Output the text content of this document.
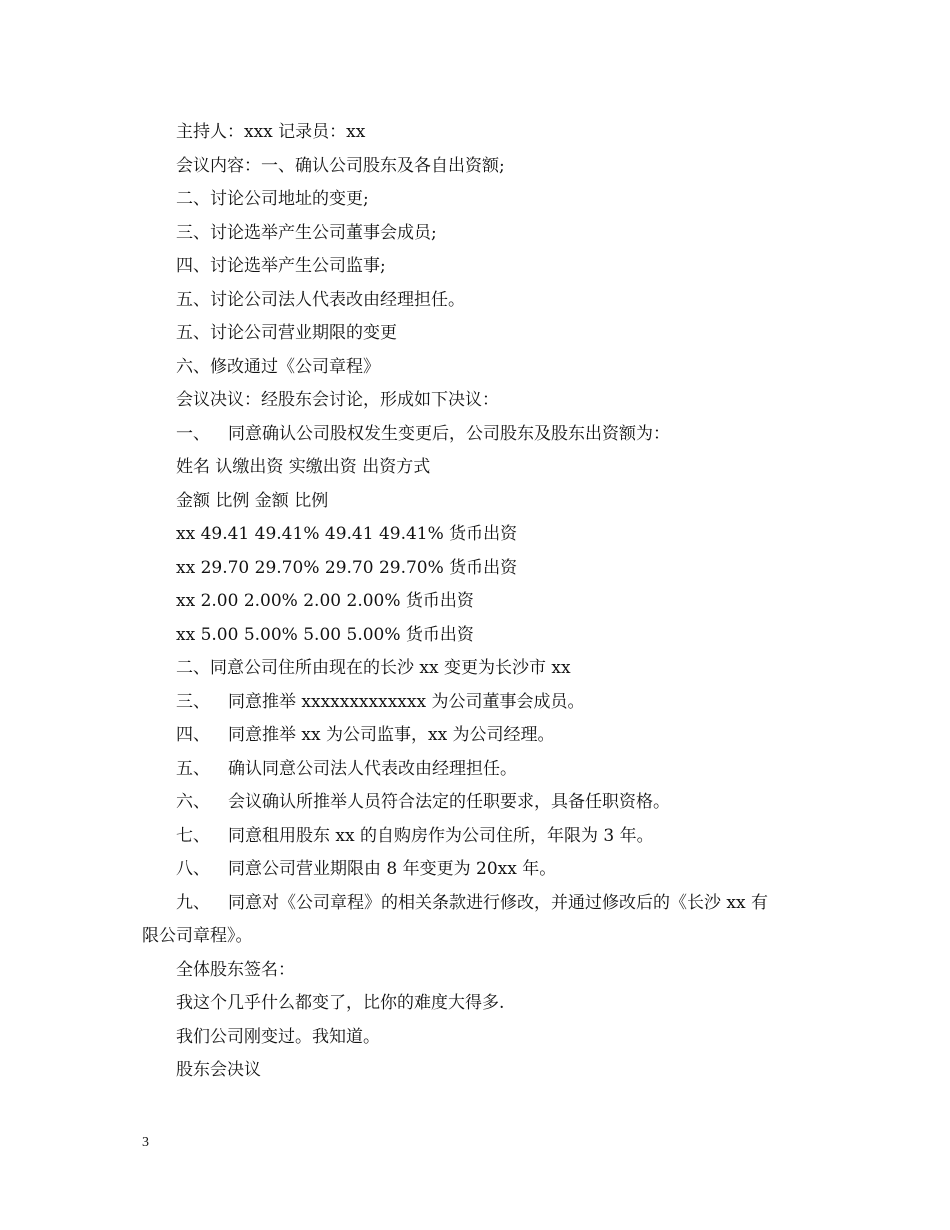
主持人：xxx 记录员：xx
会议内容：一、确认公司股东及各自出资额;
二、讨论公司地址的变更;
三、讨论选举产生公司董事会成员;
四、讨论选举产生公司监事;
五、讨论公司法人代表改由经理担任。
五、讨论公司营业期限的变更
六、修改通过《公司章程》
会议决议：经股东会讨论，形成如下决议：
一、 同意确认公司股权发生变更后，公司股东及股东出资额为：
姓名 认缴出资 实缴出资 出资方式
金额 比例 金额 比例
xx 49.41 49.41% 49.41 49.41% 货币出资
xx 29.70 29.70% 29.70 29.70% 货币出资
xx 2.00 2.00% 2.00 2.00% 货币出资
xx 5.00 5.00% 5.00 5.00% 货币出资
二、同意公司住所由现在的长沙 xx 变更为长沙市 xx
三、 同意推举 xxxxxxxxxxxxx 为公司董事会成员。
四、 同意推举 xx 为公司监事，xx 为公司经理。
五、 确认同意公司法人代表改由经理担任。
六、 会议确认所推举人员符合法定的任职要求，具备任职资格。
七、 同意租用股东 xx 的自购房作为公司住所，年限为 3 年。
八、 同意公司营业期限由 8 年变更为 20xx 年。
九、 同意对《公司章程》的相关条款进行修改，并通过修改后的《长沙 xx 有
限公司章程》。
全体股东签名：
我这个几乎什么都变了，比你的难度大得多.
我们公司刚变过。我知道。
股东会决议
3
